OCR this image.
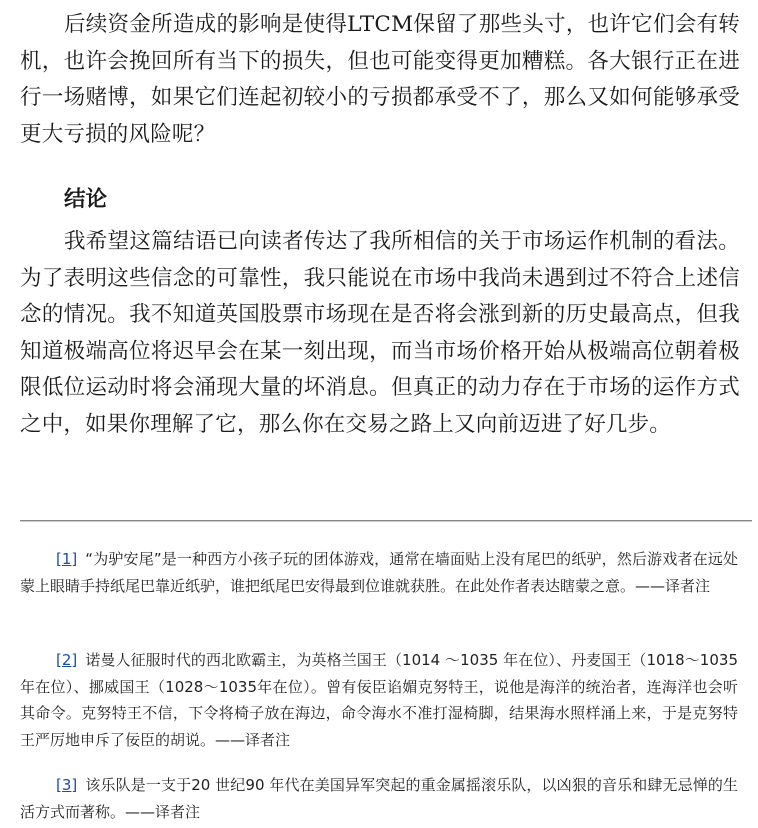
后续资金所造成的影响是使得LTCM保留了那些头寸，也许它们会有转机，也许会挽回所有当下的损失，但也可能变得更加糟糕。各大银行正在进行一场赌博，如果它们连起初较小的亏损都承受不了，那么又如何能够承受更大亏损的风险呢？

结论

我希望这篇结语已向读者传达了我所相信的关于市场运作机制的看法。为了表明这些信念的可靠性，我只能说在市场中我尚未遇到过不符合上述信念的情况。我不知道英国股票市场现在是否将会涨到新的历史最高点，但我知道极端高位将迟早会在某一刻出现，而当市场价格开始从极端高位朝着极限低位运动时将会涌现大量的坏消息。但真正的动力存在于市场的运作方式之中，如果你理解了它，那么你在交易之路上又向前迈进了好几步。

[1] “为驴安尾”是一种西方小孩子玩的团体游戏，通常在墙面贴上没有尾巴的纸驴，然后游戏者在远处蒙上眼睛手持纸尾巴靠近纸驴，谁把纸尾巴安得最到位谁就获胜。在此处作者表达瞎蒙之意。——译者注

[2] 诺曼人征服时代的西北欧霸主，为英格兰国王（1014 ～1035 年在位）、丹麦国王（1018～1035年在位）、挪威国王（1028～1035年在位）。曾有佞臣谄媚克努特王，说他是海洋的统治者，连海洋也会听其命令。克努特王不信，下令将椅子放在海边，命令海水不准打湿椅脚，结果海水照样涌上来，于是克努特王严厉地申斥了佞臣的胡说。——译者注

[3] 该乐队是一支于20 世纪90 年代在美国异军突起的重金属摇滚乐队，以凶狠的音乐和肆无忌惮的生活方式而著称。——译者注
